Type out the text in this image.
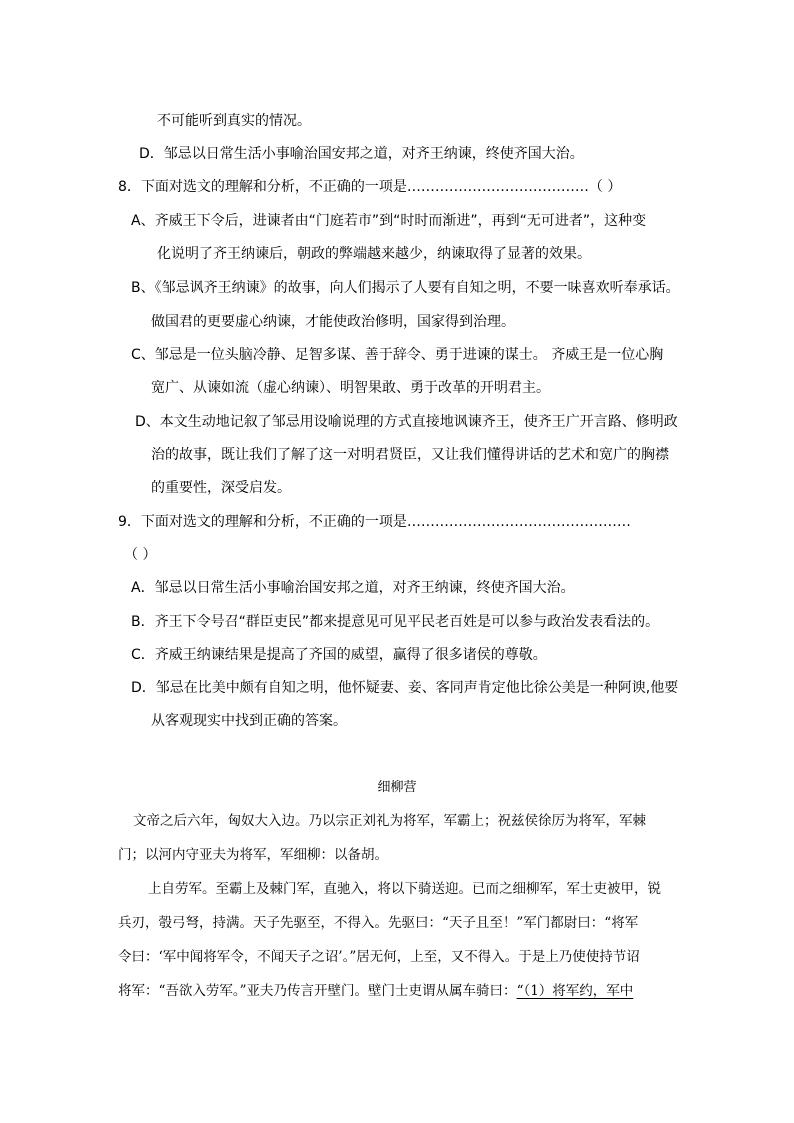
不可能听到真实的情况。
D．邹忌以日常生活小事喻治国安邦之道，对齐王纳谏，终使齐国大治。
8．下面对选文的理解和分析，不正确的一项是…………………………………（ ）
A、齐威王下令后，进谏者由“门庭若市”到“时时而渐进”，再到“无可进者”，这种变
化说明了齐王纳谏后，朝政的弊端越来越少，纳谏取得了显著的效果。
B、《邹忌讽齐王纳谏》的故事，向人们揭示了人要有自知之明，不要一味喜欢听奉承话。
做国君的更要虚心纳谏，才能使政治修明，国家得到治理。
C、邹忌是一位头脑冷静、足智多谋、善于辞令、勇于进谏的谋士。 齐威王是一位心胸
宽广、从谏如流（虚心纳谏）、明智果敢、勇于改革的开明君主。
D、本文生动地记叙了邹忌用设喻说理的方式直接地讽谏齐王，使齐王广开言路、修明政
治的故事，既让我们了解了这一对明君贤臣，又让我们懂得讲话的艺术和宽广的胸襟
的重要性，深受启发。
9．下面对选文的理解和分析，不正确的一项是…………………………………………
（ ）
A．邹忌以日常生活小事喻治国安邦之道，对齐王纳谏，终使齐国大治。
B．齐王下令号召“群臣吏民”都来提意见可见平民老百姓是可以参与政治发表看法的。
C．齐威王纳谏结果是提高了齐国的威望，赢得了很多诸侯的尊敬。
D．邹忌在比美中颇有自知之明，他怀疑妻、妾、客同声肯定他比徐公美是一种阿谀,他要
从客观现实中找到正确的答案。
细柳营
文帝之后六年，匈奴大入边。乃以宗正刘礼为将军，军霸上；祝兹侯徐厉为将军，军棘
门；以河内守亚夫为将军，军细柳：以备胡。
上自劳军。至霸上及棘门军，直驰入，将以下骑送迎。已而之细柳军，军士吏被甲，锐
兵刃，彀弓弩，持满。天子先驱至，不得入。先驱曰：“天子且至！”军门都尉曰：“将军
令曰：‘军中闻将军令，不闻天子之诏’。”居无何，上至，又不得入。于是上乃使使持节诏
将军：“吾欲入劳军。”亚夫乃传言开壁门。壁门士吏谓从属车骑曰：“（1）将军约，军中
